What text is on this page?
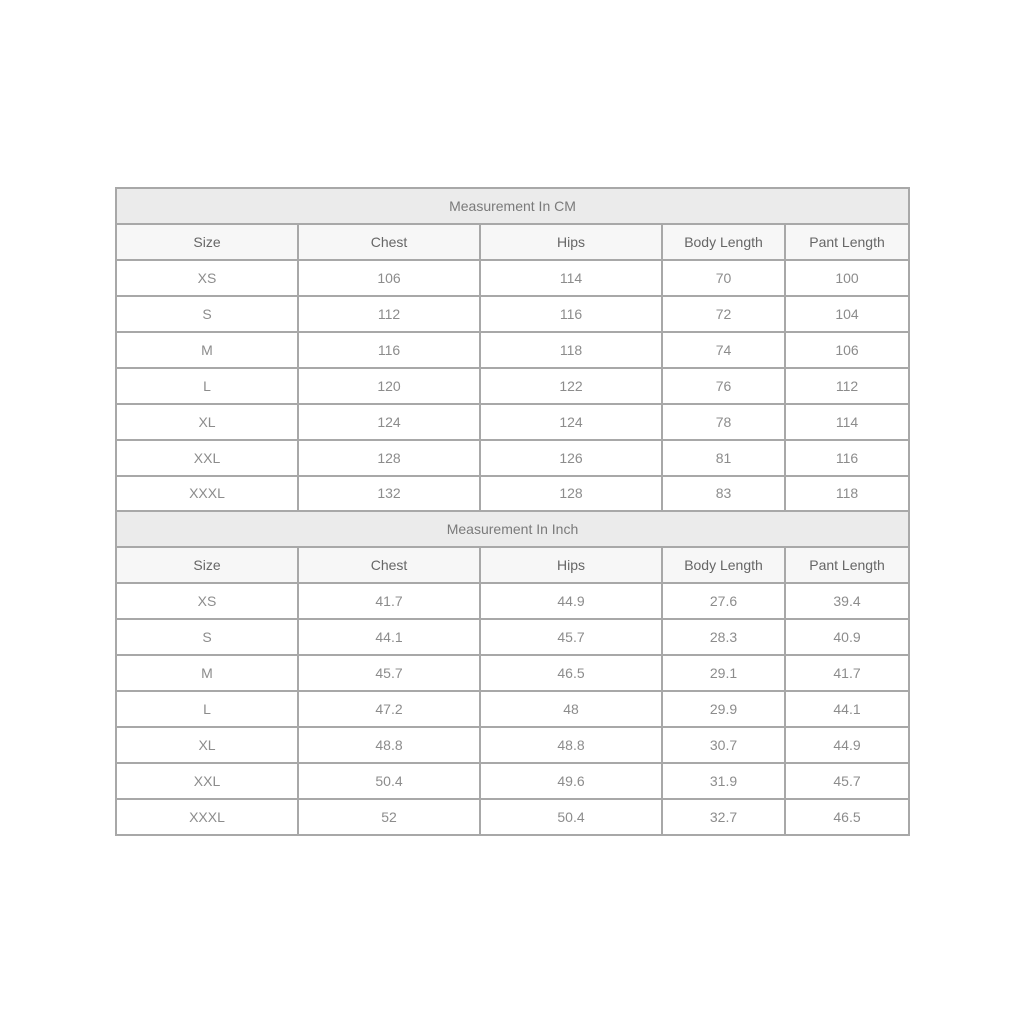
Measurement In CM				
Size	Chest	Hips	Body Length	Pant Length
XS	106	114	70	100
S	112	116	72	104
M	116	118	74	106
L	120	122	76	112
XL	124	124	78	114
XXL	128	126	81	116
XXXL	132	128	83	118
Measurement In Inch				
Size	Chest	Hips	Body Length	Pant Length
XS	41.7	44.9	27.6	39.4
S	44.1	45.7	28.3	40.9
M	45.7	46.5	29.1	41.7
L	47.2	48	29.9	44.1
XL	48.8	48.8	30.7	44.9
XXL	50.4	49.6	31.9	45.7
XXXL	52	50.4	32.7	46.5
